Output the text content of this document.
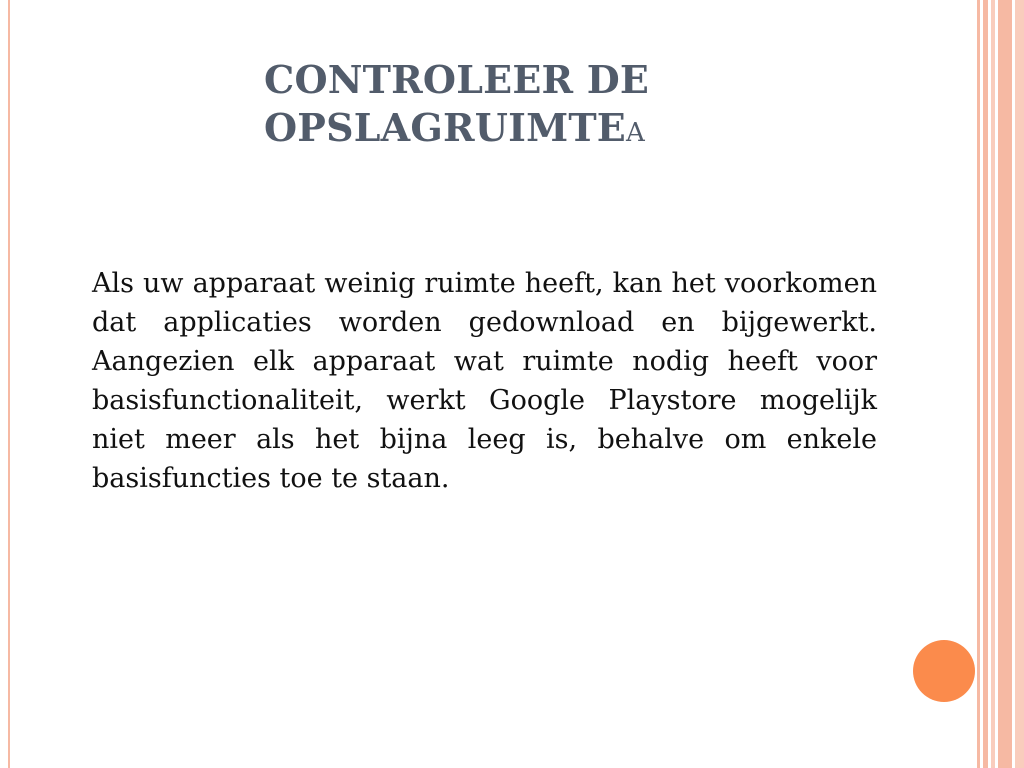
CONTROLEER DE OPSLAGRUIMTEA

Als uw apparaat weinig ruimte heeft, kan het voorkomen dat applicaties worden gedownload en bijgewerkt. Aangezien elk apparaat wat ruimte nodig heeft voor basisfunctionaliteit, werkt Google Playstore mogelijk niet meer als het bijna leeg is, behalve om enkele basisfuncties toe te staan.
